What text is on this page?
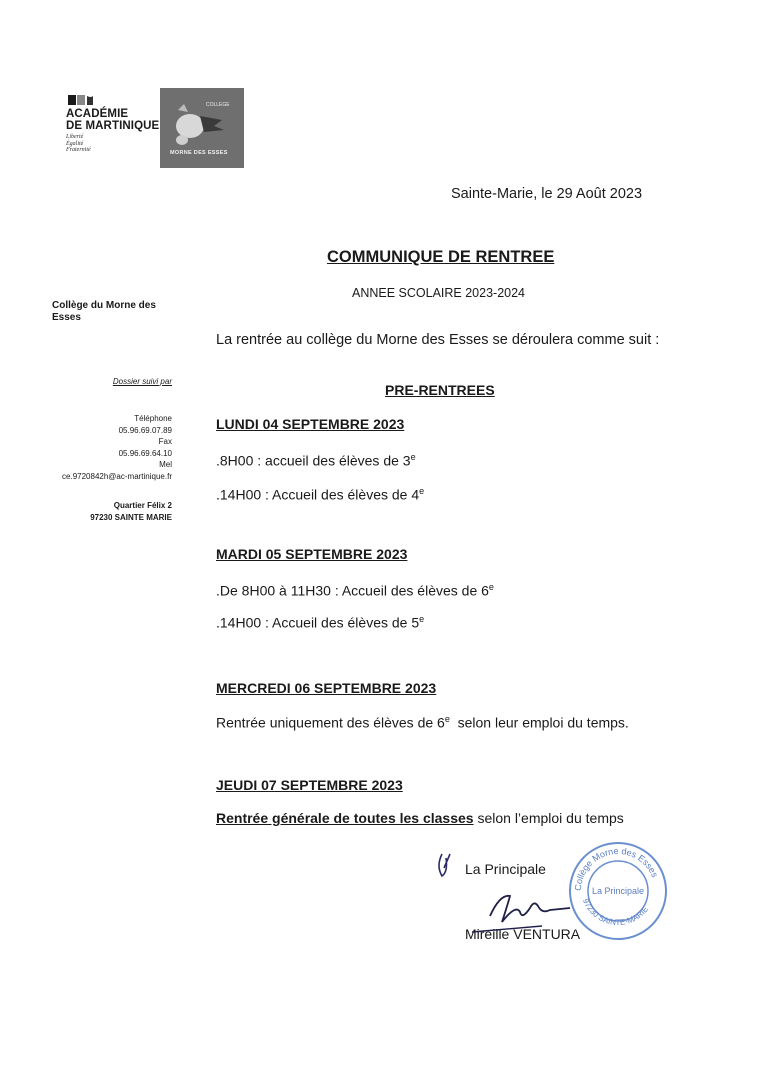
ACADÉMIE
DE MARTINIQUE
Liberté
Égalité
Fraternité
COLLEGE
MORNE DES ESSES
Sainte-Marie, le 29 Août 2023
COMMUNIQUE DE RENTREE
ANNEE SCOLAIRE 2023-2024
Collège du Morne des Esses
Dossier suivi par
Téléphone
05.96.69.07.89
Fax
05.96.69.64.10
Mel
ce.9720842h@ac-martinique.fr
Quartier Félix 2
97230 SAINTE MARIE
La rentrée au collège du Morne des Esses se déroulera comme suit :
PRE-RENTREES
LUNDI 04 SEPTEMBRE 2023
.8H00 : accueil des élèves de 3e
.14H00 : Accueil des élèves de 4e
MARDI 05 SEPTEMBRE 2023
.De 8H00 à 11H30 : Accueil des élèves de 6e
.14H00 : Accueil des élèves de 5e
MERCREDI 06 SEPTEMBRE 2023
Rentrée uniquement des élèves de 6e  selon leur emploi du temps.
JEUDI 07 SEPTEMBRE 2023
Rentrée générale de toutes les classes selon l’emploi du temps
La Principale
Mireille VENTURA
Collège Morne des Esses
97230 SAINTE-MARIE
La Principale
